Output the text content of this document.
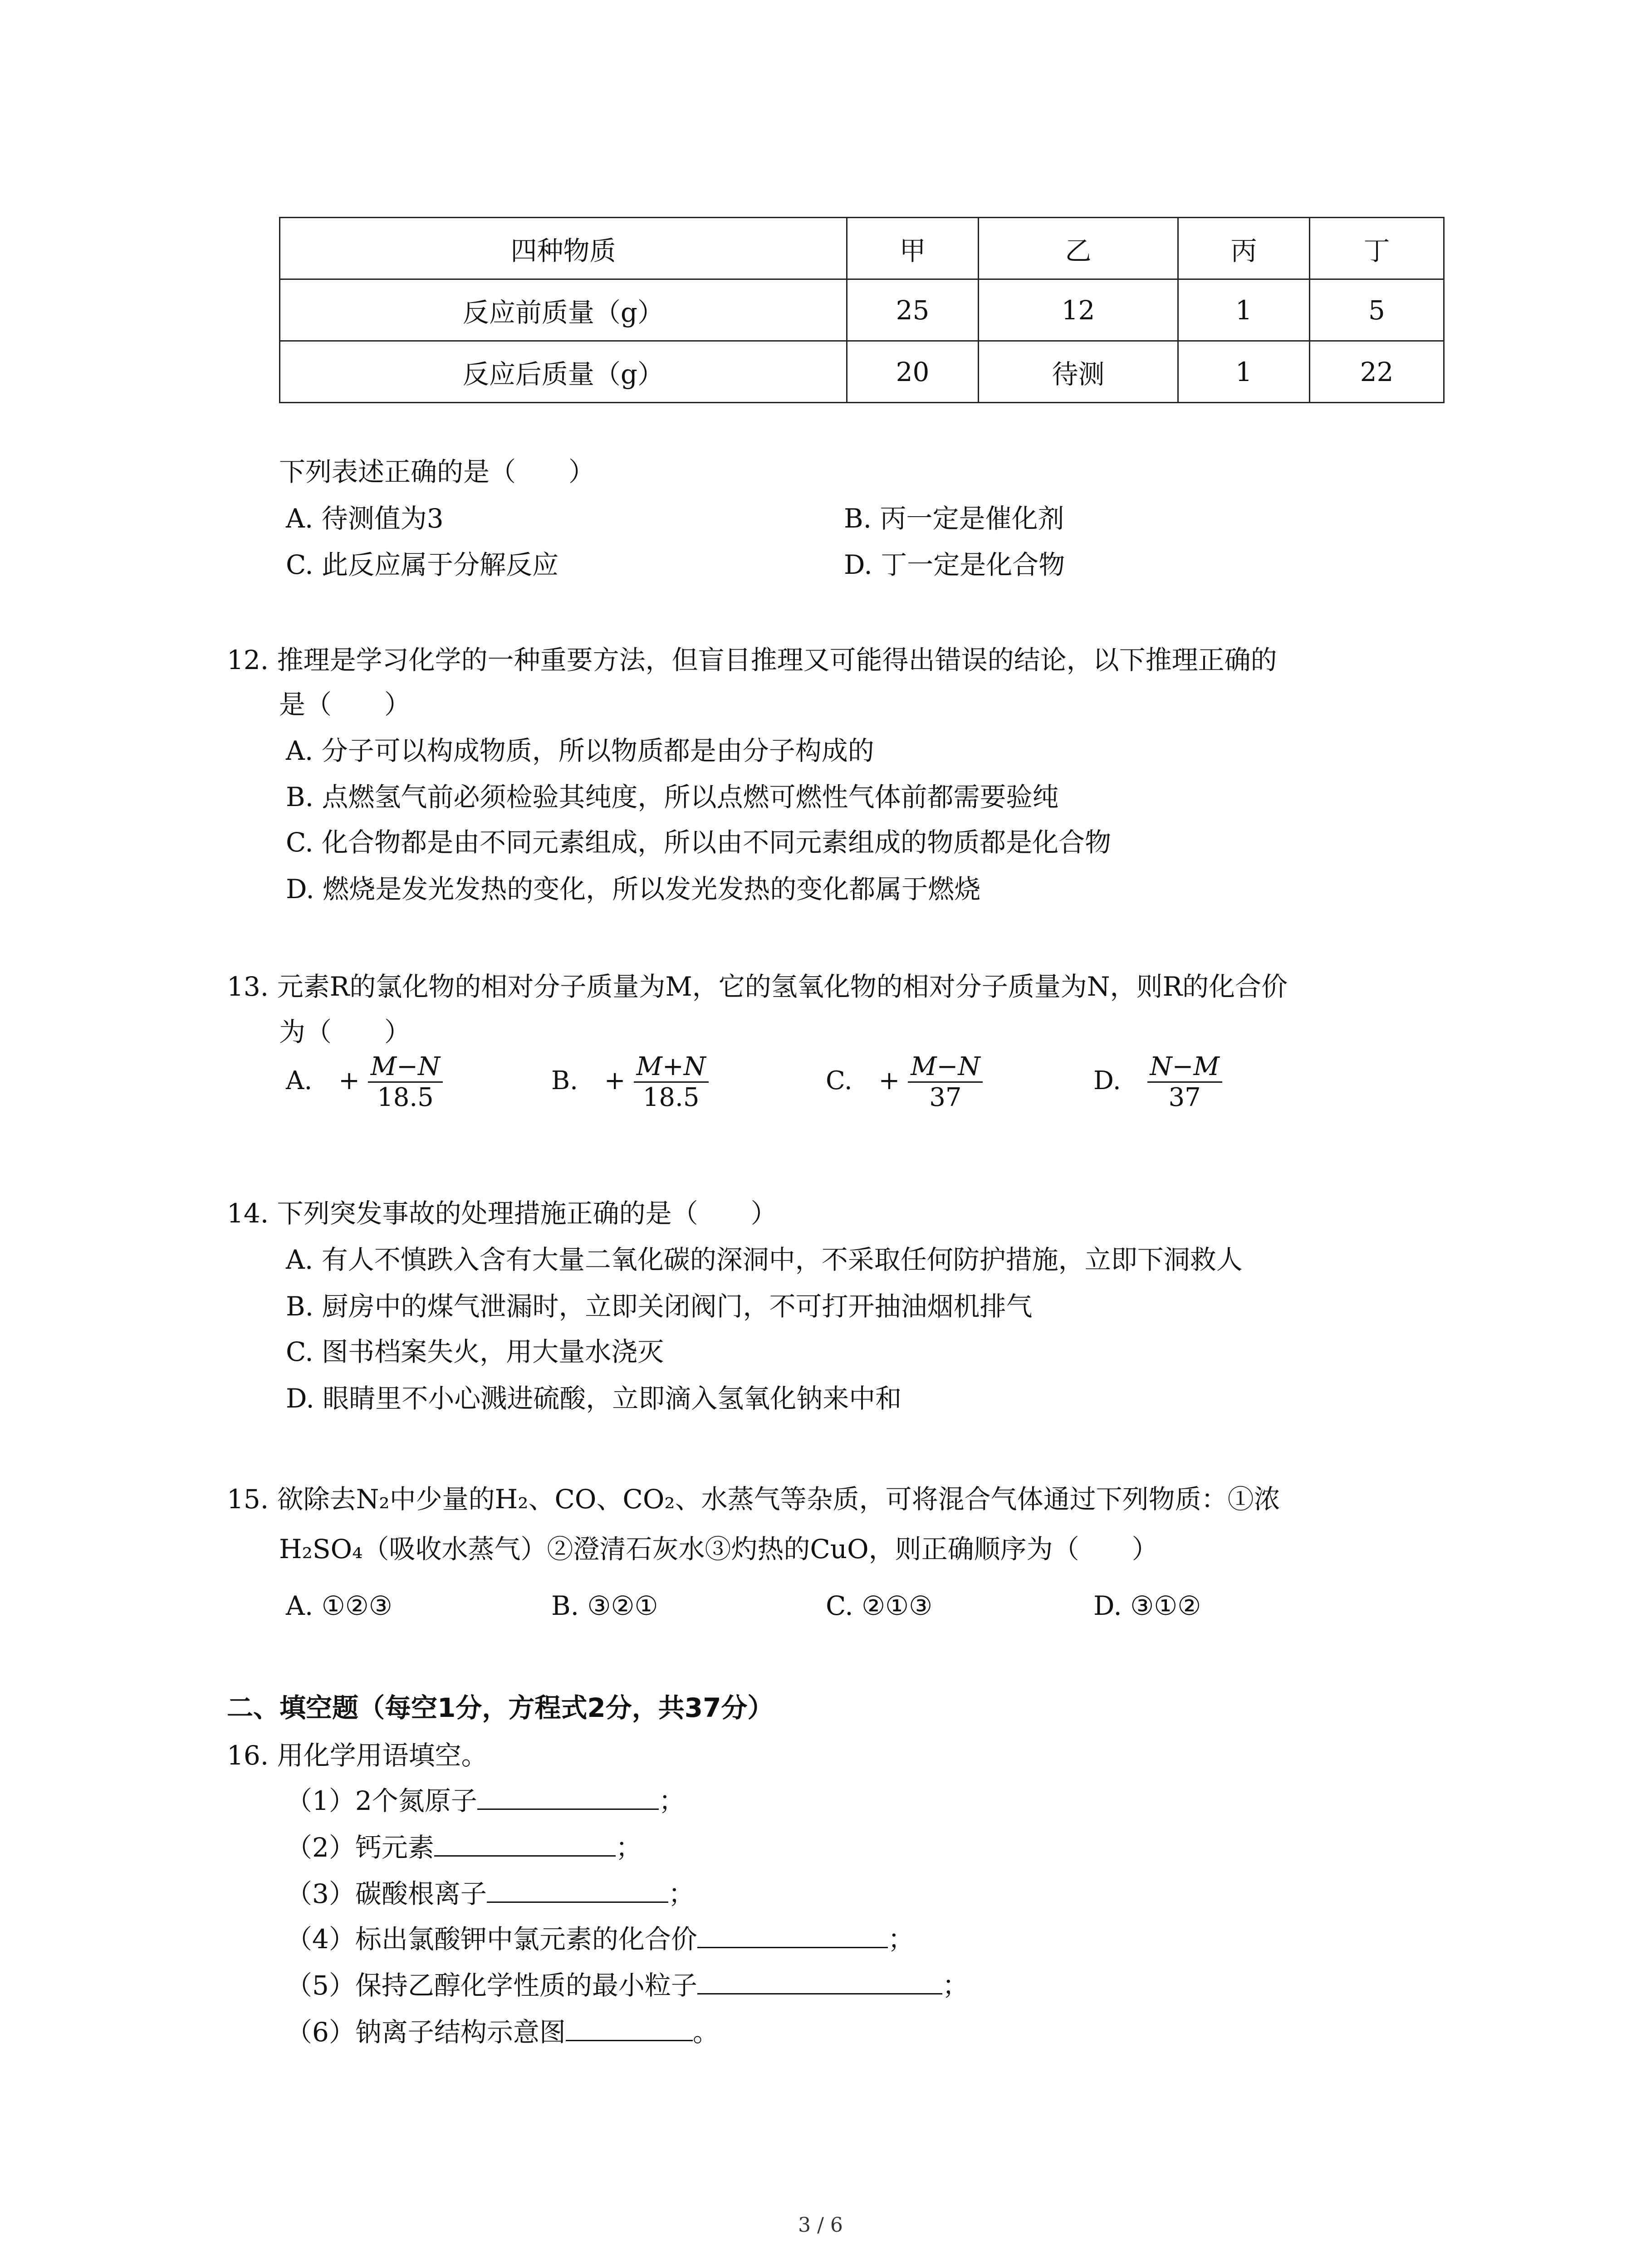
四种物质	甲	乙	丙	丁
反应前质量（g）	25	12	1	5
反应后质量（g）	20	待测	1	22
下列表述正确的是（　　）
A. 待测值为3	B. 丙一定是催化剂
C. 此反应属于分解反应	D. 丁一定是化合物
12. 推理是学习化学的一种重要方法，但盲目推理又可能得出错误的结论，以下推理正确的
是（　　）
A. 分子可以构成物质，所以物质都是由分子构成的
B. 点燃氢气前必须检验其纯度，所以点燃可燃性气体前都需要验纯
C. 化合物都是由不同元素组成，所以由不同元素组成的物质都是化合物
D. 燃烧是发光发热的变化，所以发光发热的变化都属于燃烧
13. 元素R的氯化物的相对分子质量为M，它的氢氧化物的相对分子质量为N，则R的化合价
为（　　）
A. + $\frac{M-N}{18.5}$	B. + $\frac{M+N}{18.5}$	C. + $\frac{M-N}{37}$	D. $\frac{N-M}{37}$
14. 下列突发事故的处理措施正确的是（　　）
A. 有人不慎跌入含有大量二氧化碳的深洞中，不采取任何防护措施，立即下洞救人
B. 厨房中的煤气泄漏时，立即关闭阀门，不可打开抽油烟机排气
C. 图书档案失火，用大量水浇灭
D. 眼睛里不小心溅进硫酸，立即滴入氢氧化钠来中和
15. 欲除去N₂中少量的H₂、CO、CO₂、水蒸气等杂质，可将混合气体通过下列物质：①浓
H₂SO₄（吸收水蒸气）②澄清石灰水③灼热的CuO，则正确顺序为（　　）
A. ①②③	B. ③②①	C. ②①③	D. ③①②
二、填空题（每空1分，方程式2分，共37分）
16. 用化学用语填空。
（1）2个氮原子	；
（2）钙元素	；
（3）碳酸根离子	；
（4）标出氯酸钾中氯元素的化合价	；
（5）保持乙醇化学性质的最小粒子	；
（6）钠离子结构示意图	。
3 / 6
